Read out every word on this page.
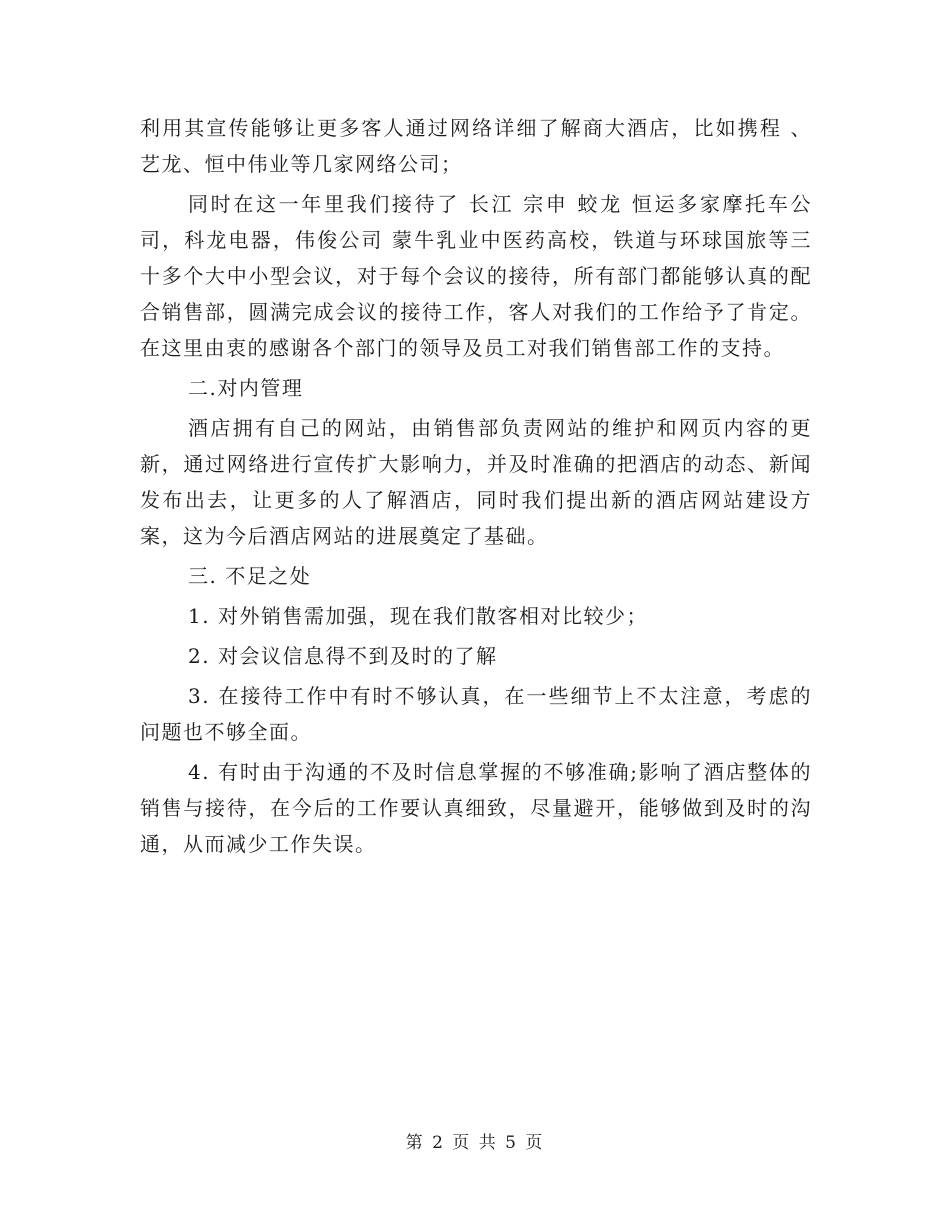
利用其宣传能够让更多客人通过网络详细了解商大酒店，比如携程 、艺龙、恒中伟业等几家网络公司；

同时在这一年里我们接待了 长江 宗申 蛟龙 恒运多家摩托车公司，科龙电器，伟俊公司 蒙牛乳业中医药高校，铁道与环球国旅等三十多个大中小型会议，对于每个会议的接待，所有部门都能够认真的配合销售部，圆满完成会议的接待工作，客人对我们的工作给予了肯定。在这里由衷的感谢各个部门的领导及员工对我们销售部工作的支持。

二.对内管理

酒店拥有自己的网站，由销售部负责网站的维护和网页内容的更新，通过网络进行宣传扩大影响力，并及时准确的把酒店的动态、新闻发布出去，让更多的人了解酒店，同时我们提出新的酒店网站建设方案，这为今后酒店网站的进展奠定了基础。

三. 不足之处

1. 对外销售需加强，现在我们散客相对比较少；

2. 对会议信息得不到及时的了解

3. 在接待工作中有时不够认真，在一些细节上不太注意，考虑的问题也不够全面。

4. 有时由于沟通的不及时信息掌握的不够准确;影响了酒店整体的销售与接待，在今后的工作要认真细致，尽量避开，能够做到及时的沟通，从而减少工作失误。

第 2 页 共 5 页
